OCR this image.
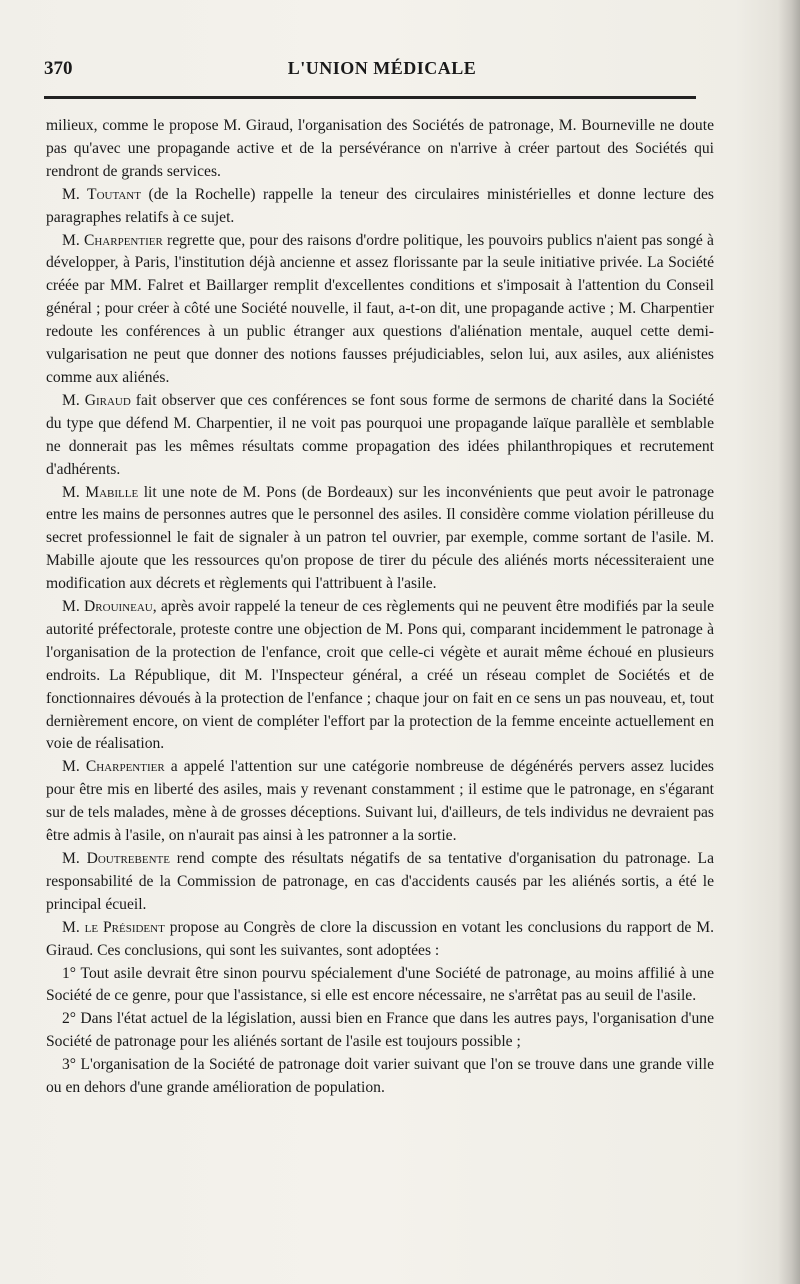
370	L'UNION MÉDICALE

milieux, comme le propose M. Giraud, l'organisation des Sociétés de patronage, M. Bourneville ne doute pas qu'avec une propagande active et de la persévérance on n'arrive à créer partout des Sociétés qui rendront de grands services.

M. Toutant (de la Rochelle) rappelle la teneur des circulaires ministérielles et donne lecture des paragraphes relatifs à ce sujet.

M. Charpentier regrette que, pour des raisons d'ordre politique, les pouvoirs publics n'aient pas songé à développer, à Paris, l'institution déjà ancienne et assez florissante par la seule initiative privée. La Société créée par MM. Falret et Baillarger remplit d'excellentes conditions et s'imposait à l'attention du Conseil général ; pour créer à côté une Société nouvelle, il faut, a-t-on dit, une propagande active ; M. Charpentier redoute les conférences à un public étranger aux questions d'aliénation mentale, auquel cette demi-vulgarisation ne peut que donner des notions fausses préjudiciables, selon lui, aux asiles, aux aliénistes comme aux aliénés.

M. Giraud fait observer que ces conférences se font sous forme de sermons de charité dans la Société du type que défend M. Charpentier, il ne voit pas pourquoi une propagande laïque parallèle et semblable ne donnerait pas les mêmes résultats comme propagation des idées philanthropiques et recrutement d'adhérents.

M. Mabille lit une note de M. Pons (de Bordeaux) sur les inconvénients que peut avoir le patronage entre les mains de personnes autres que le personnel des asiles. Il considère comme violation périlleuse du secret professionnel le fait de signaler à un patron tel ouvrier, par exemple, comme sortant de l'asile. M. Mabille ajoute que les ressources qu'on propose de tirer du pécule des aliénés morts nécessiteraient une modification aux décrets et règlements qui l'attribuent à l'asile.

M. Drouineau, après avoir rappelé la teneur de ces règlements qui ne peuvent être modifiés par la seule autorité préfectorale, proteste contre une objection de M. Pons qui, comparant incidemment le patronage à l'organisation de la protection de l'enfance, croit que celle-ci végète et aurait même échoué en plusieurs endroits. La République, dit M. l'Inspecteur général, a créé un réseau complet de Sociétés et de fonctionnaires dévoués à la protection de l'enfance ; chaque jour on fait en ce sens un pas nouveau, et, tout dernièrement encore, on vient de compléter l'effort par la protection de la femme enceinte actuellement en voie de réalisation.

M. Charpentier a appelé l'attention sur une catégorie nombreuse de dégénérés pervers assez lucides pour être mis en liberté des asiles, mais y revenant constamment ; il estime que le patronage, en s'égarant sur de tels malades, mène à de grosses déceptions. Suivant lui, d'ailleurs, de tels individus ne devraient pas être admis à l'asile, on n'aurait pas ainsi à les patronner a la sortie.

M. Doutrebente rend compte des résultats négatifs de sa tentative d'organisation du patronage. La responsabilité de la Commission de patronage, en cas d'accidents causés par les aliénés sortis, a été le principal écueil.

M. le Président propose au Congrès de clore la discussion en votant les conclusions du rapport de M. Giraud. Ces conclusions, qui sont les suivantes, sont adoptées :

1° Tout asile devrait être sinon pourvu spécialement d'une Société de patronage, au moins affilié à une Société de ce genre, pour que l'assistance, si elle est encore nécessaire, ne s'arrêtat pas au seuil de l'asile.

2° Dans l'état actuel de la législation, aussi bien en France que dans les autres pays, l'organisation d'une Société de patronage pour les aliénés sortant de l'asile est toujours possible ;

3° L'organisation de la Société de patronage doit varier suivant que l'on se trouve dans une grande ville ou en dehors d'une grande amélioration de population.
